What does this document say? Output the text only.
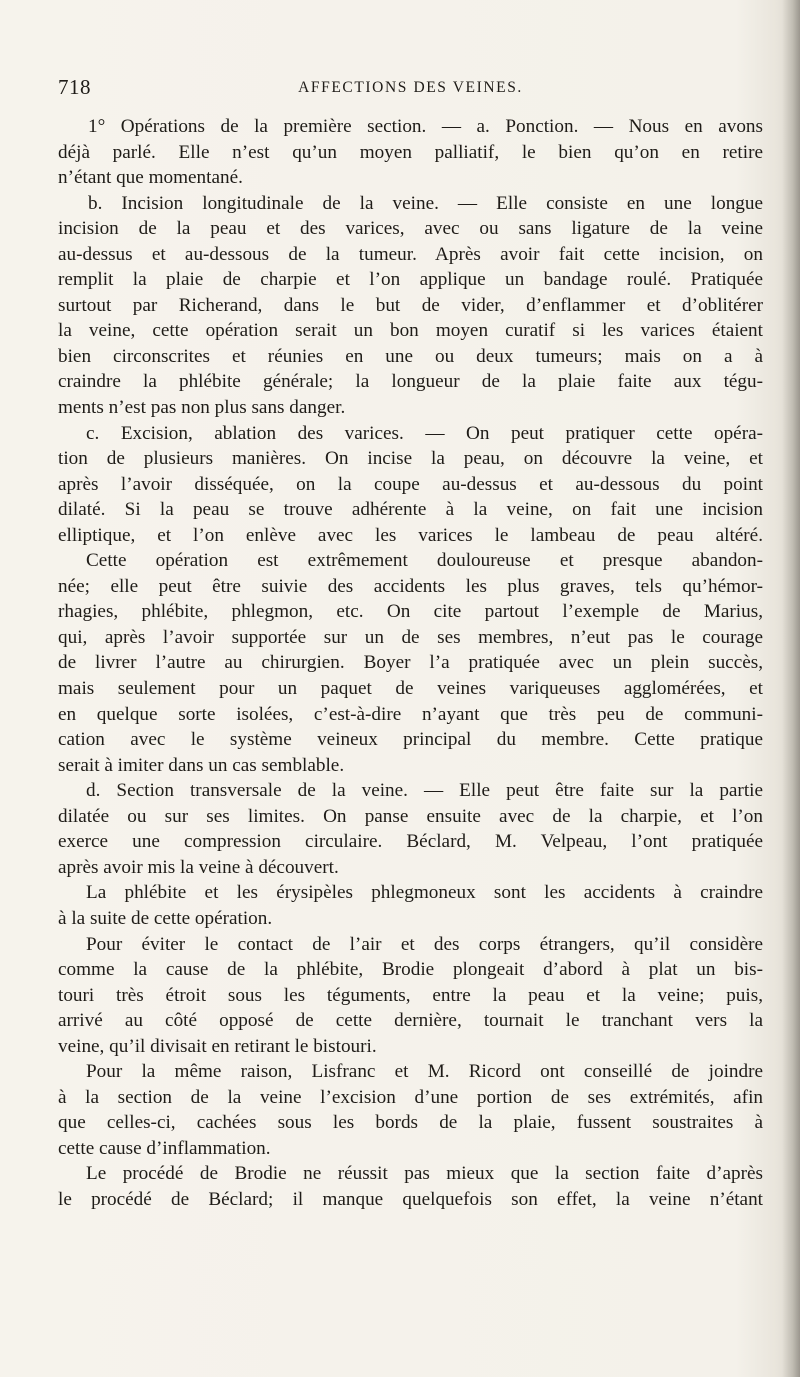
718	AFFECTIONS DES VEINES.
1° Opérations de la première section. — a. Ponction. — Nous en avons
déjà parlé. Elle n’est qu’un moyen palliatif, le bien qu’on en retire
n’étant que momentané.
b. Incision longitudinale de la veine. — Elle consiste en une longue
incision de la peau et des varices, avec ou sans ligature de la veine
au-dessus et au-dessous de la tumeur. Après avoir fait cette incision, on
remplit la plaie de charpie et l’on applique un bandage roulé. Pratiquée
surtout par Richerand, dans le but de vider, d’enflammer et d’oblitérer
la veine, cette opération serait un bon moyen curatif si les varices étaient
bien circonscrites et réunies en une ou deux tumeurs; mais on a à
craindre la phlébite générale; la longueur de la plaie faite aux tégu-
ments n’est pas non plus sans danger.
c. Excision, ablation des varices. — On peut pratiquer cette opéra-
tion de plusieurs manières. On incise la peau, on découvre la veine, et
après l’avoir disséquée, on la coupe au-dessus et au-dessous du point
dilaté. Si la peau se trouve adhérente à la veine, on fait une incision
elliptique, et l’on enlève avec les varices le lambeau de peau altéré.
Cette opération est extrêmement douloureuse et presque abandon-
née; elle peut être suivie des accidents les plus graves, tels qu’hémor-
rhagies, phlébite, phlegmon, etc. On cite partout l’exemple de Marius,
qui, après l’avoir supportée sur un de ses membres, n’eut pas le courage
de livrer l’autre au chirurgien. Boyer l’a pratiquée avec un plein succès,
mais seulement pour un paquet de veines variqueuses agglomérées, et
en quelque sorte isolées, c’est-à-dire n’ayant que très peu de communi-
cation avec le système veineux principal du membre. Cette pratique
serait à imiter dans un cas semblable.
d. Section transversale de la veine. — Elle peut être faite sur la partie
dilatée ou sur ses limites. On panse ensuite avec de la charpie, et l’on
exerce une compression circulaire. Béclard, M. Velpeau, l’ont pratiquée
après avoir mis la veine à découvert.
La phlébite et les érysipèles phlegmoneux sont les accidents à craindre
à la suite de cette opération.
Pour éviter le contact de l’air et des corps étrangers, qu’il considère
comme la cause de la phlébite, Brodie plongeait d’abord à plat un bis-
touri très étroit sous les téguments, entre la peau et la veine; puis,
arrivé au côté opposé de cette dernière, tournait le tranchant vers la
veine, qu’il divisait en retirant le bistouri.
Pour la même raison, Lisfranc et M. Ricord ont conseillé de joindre
à la section de la veine l’excision d’une portion de ses extrémités, afin
que celles-ci, cachées sous les bords de la plaie, fussent soustraites à
cette cause d’inflammation.
Le procédé de Brodie ne réussit pas mieux que la section faite d’après
le procédé de Béclard; il manque quelquefois son effet, la veine n’étant
